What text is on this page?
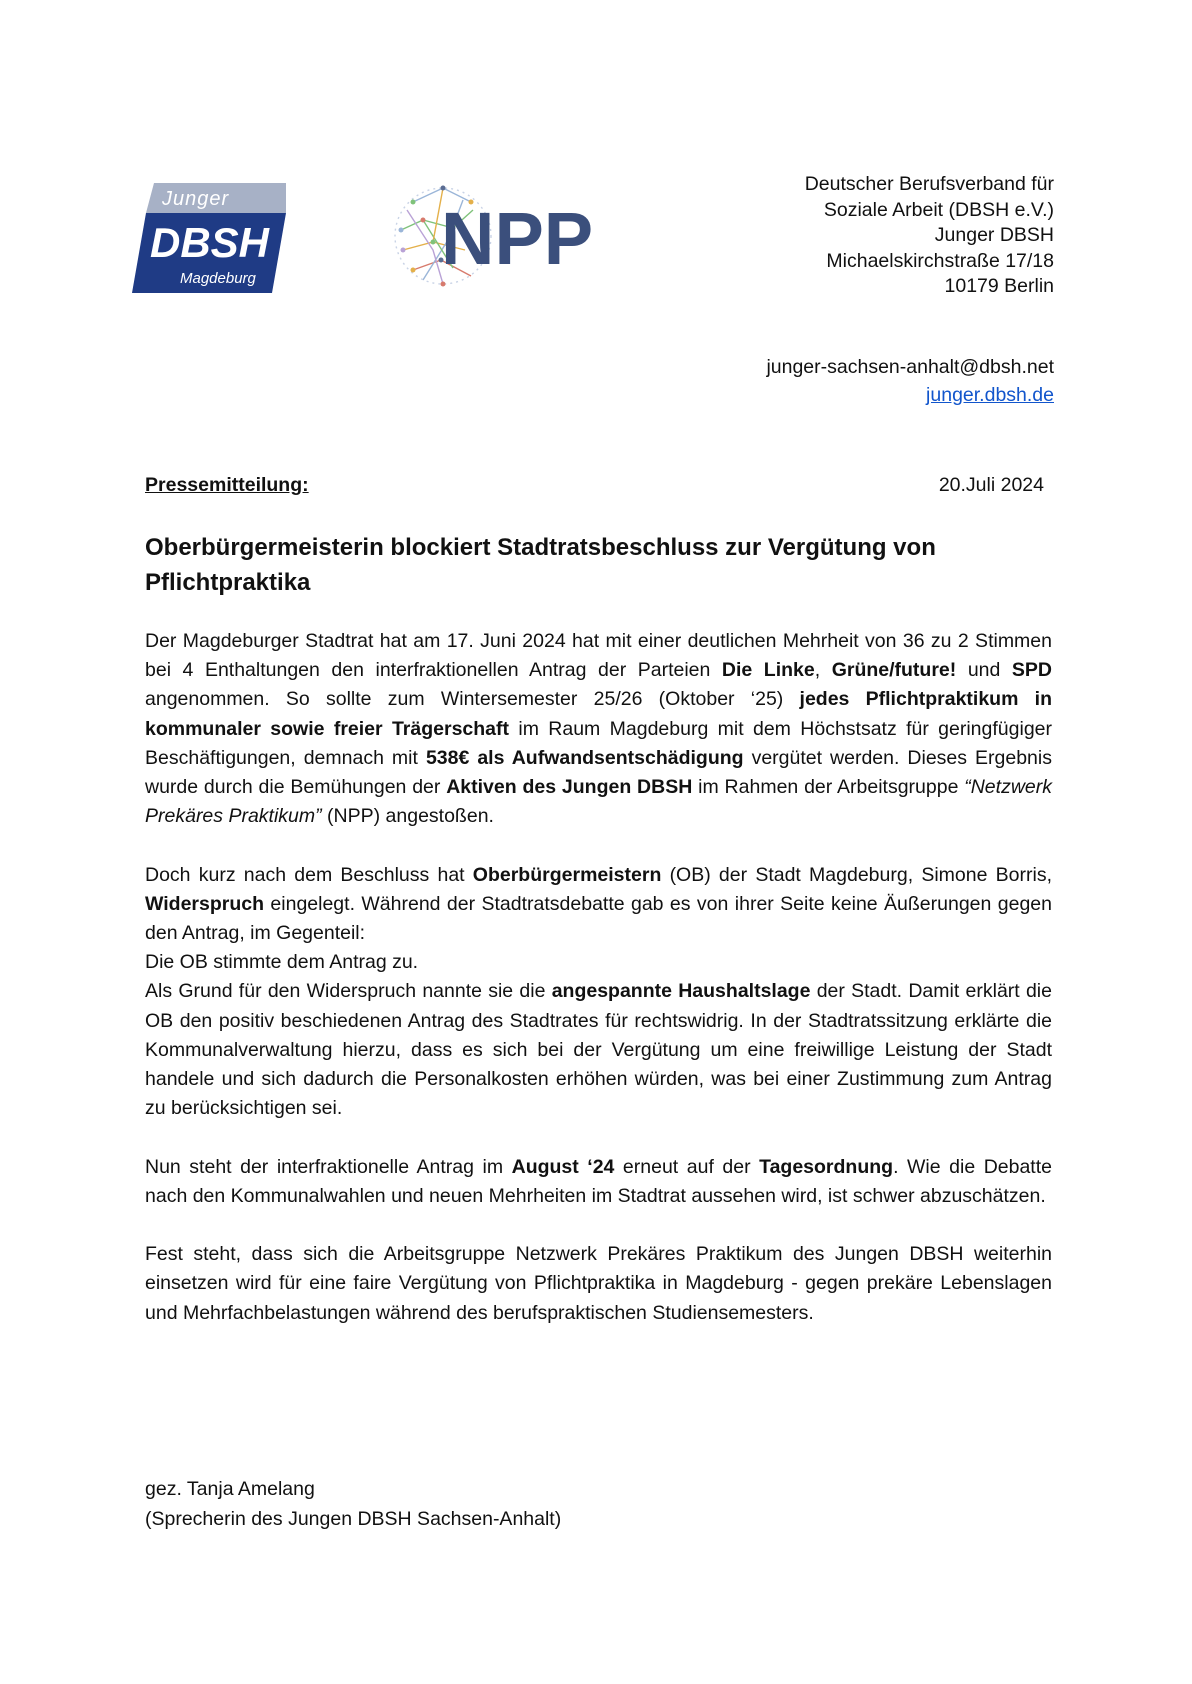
Junger
DBSH
Magdeburg	NPP
Deutscher Berufsverband für
Soziale Arbeit (DBSH e.V.)
Junger DBSH
Michaelskirchstraße 17/18
10179 Berlin
junger-sachsen-anhalt@dbsh.net
junger.dbsh.de
Pressemitteilung:	20.Juli 2024
Oberbürgermeisterin blockiert Stadtratsbeschluss zur Vergütung von Pflichtpraktika

Der Magdeburger Stadtrat hat am 17. Juni 2024 hat mit einer deutlichen Mehrheit von 36 zu 2 Stimmen bei 4 Enthaltungen den interfraktionellen Antrag der Parteien Die Linke, Grüne/future! und SPD angenommen. So sollte zum Wintersemester 25/26 (Oktober ‘25) jedes Pflichtpraktikum in kommunaler sowie freier Trägerschaft im Raum Magdeburg mit dem Höchstsatz für geringfügiger Beschäftigungen, demnach mit 538€ als Aufwandsentschädigung vergütet werden. Dieses Ergebnis wurde durch die Bemühungen der Aktiven des Jungen DBSH im Rahmen der Arbeitsgruppe “Netzwerk Prekäres Praktikum” (NPP) angestoßen.

Doch kurz nach dem Beschluss hat Oberbürgermeistern (OB) der Stadt Magdeburg, Simone Borris, Widerspruch eingelegt. Während der Stadtratsdebatte gab es von ihrer Seite keine Äußerungen gegen den Antrag, im Gegenteil:
Die OB stimmte dem Antrag zu.
Als Grund für den Widerspruch nannte sie die angespannte Haushaltslage der Stadt. Damit erklärt die OB den positiv beschiedenen Antrag des Stadtrates für rechtswidrig. In der Stadtratssitzung erklärte die Kommunalverwaltung hierzu, dass es sich bei der Vergütung um eine freiwillige Leistung der Stadt handele und sich dadurch die Personalkosten erhöhen würden, was bei einer Zustimmung zum Antrag zu berücksichtigen sei.

Nun steht der interfraktionelle Antrag im August ‘24 erneut auf der Tagesordnung. Wie die Debatte nach den Kommunalwahlen und neuen Mehrheiten im Stadtrat aussehen wird, ist schwer abzuschätzen.

Fest steht, dass sich die Arbeitsgruppe Netzwerk Prekäres Praktikum des Jungen DBSH weiterhin einsetzen wird für eine faire Vergütung von Pflichtpraktika in Magdeburg - gegen prekäre Lebenslagen und Mehrfachbelastungen während des berufspraktischen Studiensemesters.

gez. Tanja Amelang
(Sprecherin des Jungen DBSH Sachsen-Anhalt)
